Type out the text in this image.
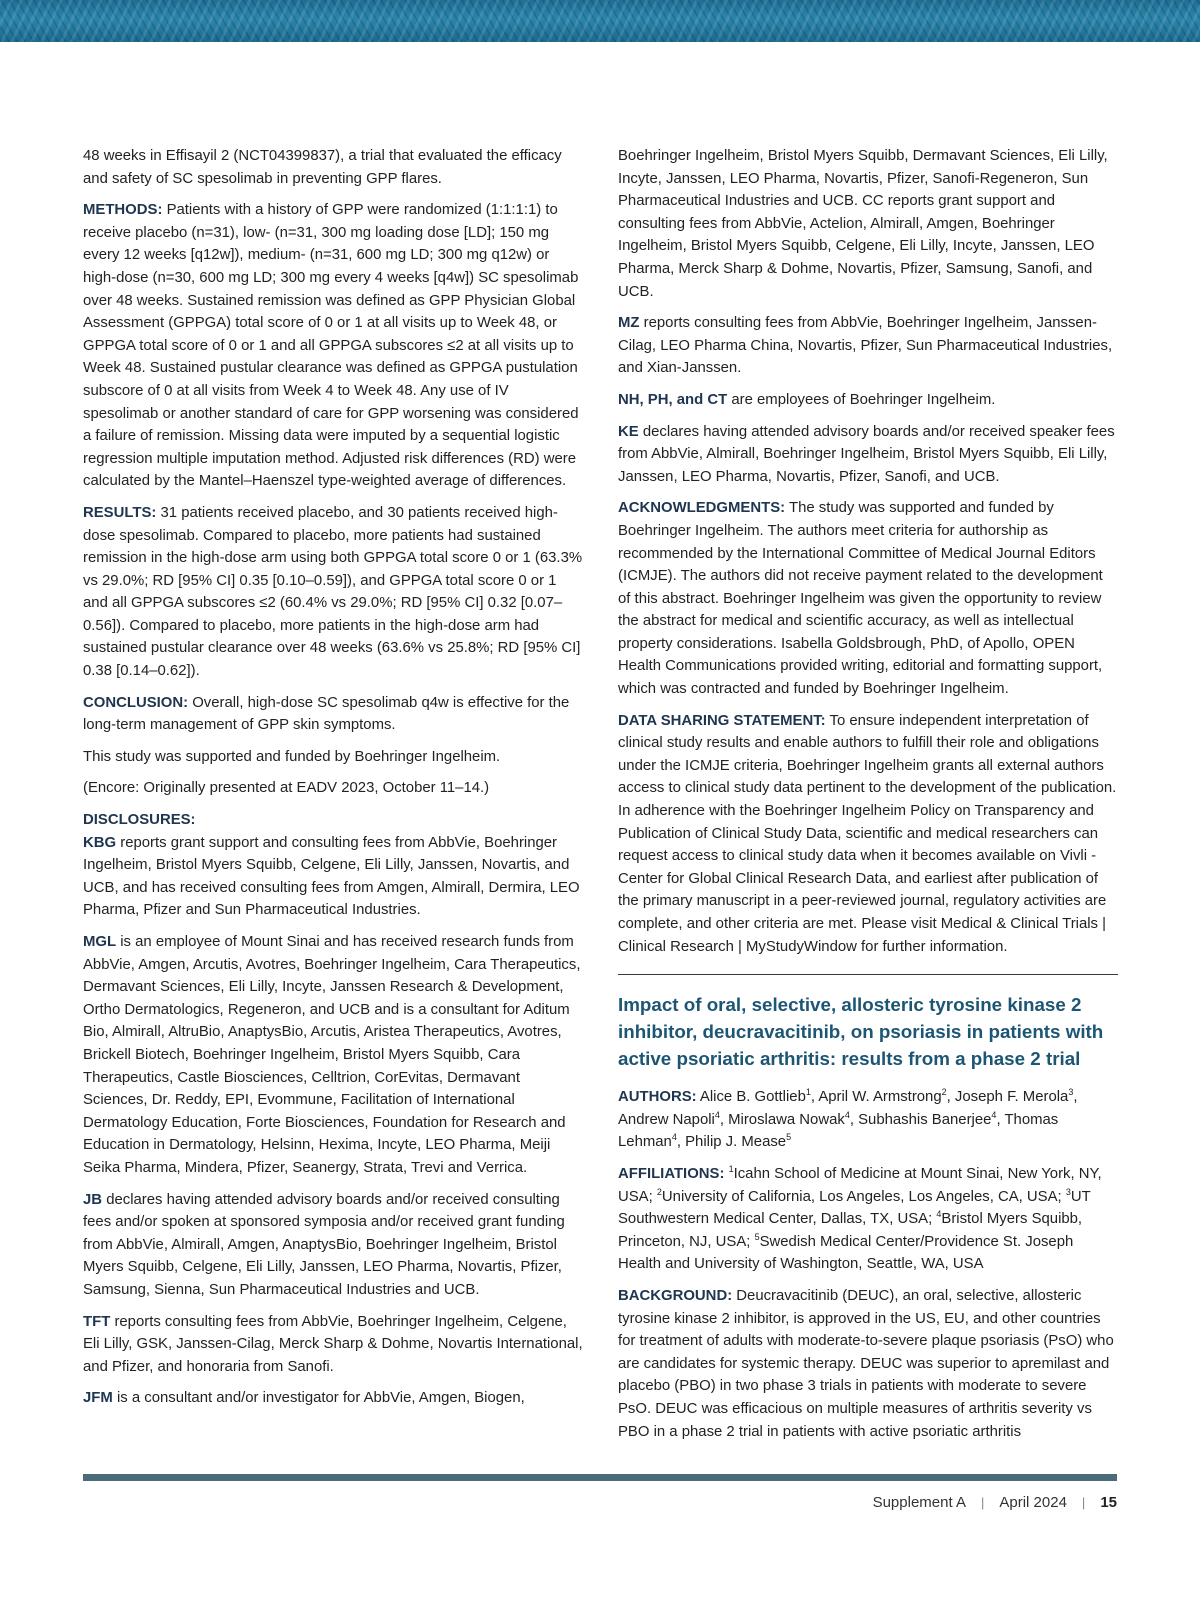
48 weeks in Effisayil 2 (NCT04399837), a trial that evaluated the efficacy and safety of SC spesolimab in preventing GPP flares.

METHODS: Patients with a history of GPP were randomized (1:1:1:1) to receive placebo (n=31), low- (n=31, 300 mg loading dose [LD]; 150 mg every 12 weeks [q12w]), medium- (n=31, 600 mg LD; 300 mg q12w) or high-dose (n=30, 600 mg LD; 300 mg every 4 weeks [q4w]) SC spesolimab over 48 weeks. Sustained remission was defined as GPP Physician Global Assessment (GPPGA) total score of 0 or 1 at all visits up to Week 48, or GPPGA total score of 0 or 1 and all GPPGA subscores ≤2 at all visits up to Week 48. Sustained pustular clearance was defined as GPPGA pustulation subscore of 0 at all visits from Week 4 to Week 48. Any use of IV spesolimab or another standard of care for GPP worsening was considered a failure of remission. Missing data were imputed by a sequential logistic regression multiple imputation method. Adjusted risk differences (RD) were calculated by the Mantel–Haenszel type-weighted average of differences.

RESULTS: 31 patients received placebo, and 30 patients received high-dose spesolimab. Compared to placebo, more patients had sustained remission in the high-dose arm using both GPPGA total score 0 or 1 (63.3% vs 29.0%; RD [95% CI] 0.35 [0.10–0.59]), and GPPGA total score 0 or 1 and all GPPGA subscores ≤2 (60.4% vs 29.0%; RD [95% CI] 0.32 [0.07–0.56]). Compared to placebo, more patients in the high-dose arm had sustained pustular clearance over 48 weeks (63.6% vs 25.8%; RD [95% CI] 0.38 [0.14–0.62]).

CONCLUSION: Overall, high-dose SC spesolimab q4w is effective for the long-term management of GPP skin symptoms.

This study was supported and funded by Boehringer Ingelheim.

(Encore: Originally presented at EADV 2023, October 11–14.)

DISCLOSURES:

KBG reports grant support and consulting fees from AbbVie, Boehringer Ingelheim, Bristol Myers Squibb, Celgene, Eli Lilly, Janssen, Novartis, and UCB, and has received consulting fees from Amgen, Almirall, Dermira, LEO Pharma, Pfizer and Sun Pharmaceutical Industries.

MGL is an employee of Mount Sinai and has received research funds from AbbVie, Amgen, Arcutis, Avotres, Boehringer Ingelheim, Cara Therapeutics, Dermavant Sciences, Eli Lilly, Incyte, Janssen Research & Development, Ortho Dermatologics, Regeneron, and UCB and is a consultant for Aditum Bio, Almirall, AltruBio, AnaptysBio, Arcutis, Aristea Therapeutics, Avotres, Brickell Biotech, Boehringer Ingelheim, Bristol Myers Squibb, Cara Therapeutics, Castle Biosciences, Celltrion, CorEvitas, Dermavant Sciences, Dr. Reddy, EPI, Evommune, Facilitation of International Dermatology Education, Forte Biosciences, Foundation for Research and Education in Dermatology, Helsinn, Hexima, Incyte, LEO Pharma, Meiji Seika Pharma, Mindera, Pfizer, Seanergy, Strata, Trevi and Verrica.

JB declares having attended advisory boards and/or received consulting fees and/or spoken at sponsored symposia and/or received grant funding from AbbVie, Almirall, Amgen, AnaptysBio, Boehringer Ingelheim, Bristol Myers Squibb, Celgene, Eli Lilly, Janssen, LEO Pharma, Novartis, Pfizer, Samsung, Sienna, Sun Pharmaceutical Industries and UCB.

TFT reports consulting fees from AbbVie, Boehringer Ingelheim, Celgene, Eli Lilly, GSK, Janssen-Cilag, Merck Sharp & Dohme, Novartis International, and Pfizer, and honoraria from Sanofi.

JFM is a consultant and/or investigator for AbbVie, Amgen, Biogen,

Boehringer Ingelheim, Bristol Myers Squibb, Dermavant Sciences, Eli Lilly, Incyte, Janssen, LEO Pharma, Novartis, Pfizer, Sanofi-Regeneron, Sun Pharmaceutical Industries and UCB. CC reports grant support and consulting fees from AbbVie, Actelion, Almirall, Amgen, Boehringer Ingelheim, Bristol Myers Squibb, Celgene, Eli Lilly, Incyte, Janssen, LEO Pharma, Merck Sharp & Dohme, Novartis, Pfizer, Samsung, Sanofi, and UCB.

MZ reports consulting fees from AbbVie, Boehringer Ingelheim, Janssen-Cilag, LEO Pharma China, Novartis, Pfizer, Sun Pharmaceutical Industries, and Xian-Janssen.

NH, PH, and CT are employees of Boehringer Ingelheim.

KE declares having attended advisory boards and/or received speaker fees from AbbVie, Almirall, Boehringer Ingelheim, Bristol Myers Squibb, Eli Lilly, Janssen, LEO Pharma, Novartis, Pfizer, Sanofi, and UCB.

ACKNOWLEDGMENTS: The study was supported and funded by Boehringer Ingelheim. The authors meet criteria for authorship as recommended by the International Committee of Medical Journal Editors (ICMJE). The authors did not receive payment related to the development of this abstract. Boehringer Ingelheim was given the opportunity to review the abstract for medical and scientific accuracy, as well as intellectual property considerations. Isabella Goldsbrough, PhD, of Apollo, OPEN Health Communications provided writing, editorial and formatting support, which was contracted and funded by Boehringer Ingelheim.

DATA SHARING STATEMENT: To ensure independent interpretation of clinical study results and enable authors to fulfill their role and obligations under the ICMJE criteria, Boehringer Ingelheim grants all external authors access to clinical study data pertinent to the development of the publication. In adherence with the Boehringer Ingelheim Policy on Transparency and Publication of Clinical Study Data, scientific and medical researchers can request access to clinical study data when it becomes available on Vivli - Center for Global Clinical Research Data, and earliest after publication of the primary manuscript in a peer-reviewed journal, regulatory activities are complete, and other criteria are met. Please visit Medical & Clinical Trials | Clinical Research | MyStudyWindow for further information.

Impact of oral, selective, allosteric tyrosine kinase 2 inhibitor, deucravacitinib, on psoriasis in patients with active psoriatic arthritis: results from a phase 2 trial

AUTHORS: Alice B. Gottlieb$^1$, April W. Armstrong$^2$, Joseph F. Merola$^3$, Andrew Napoli$^4$, Miroslawa Nowak$^4$, Subhashis Banerjee$^4$, Thomas Lehman$^4$, Philip J. Mease$^5$

AFFILIATIONS: $^1$Icahn School of Medicine at Mount Sinai, New York, NY, USA; $^2$University of California, Los Angeles, Los Angeles, CA, USA; $^3$UT Southwestern Medical Center, Dallas, TX, USA; $^4$Bristol Myers Squibb, Princeton, NJ, USA; $^5$Swedish Medical Center/Providence St. Joseph Health and University of Washington, Seattle, WA, USA

BACKGROUND: Deucravacitinib (DEUC), an oral, selective, allosteric tyrosine kinase 2 inhibitor, is approved in the US, EU, and other countries for treatment of adults with moderate-to-severe plaque psoriasis (PsO) who are candidates for systemic therapy. DEUC was superior to apremilast and placebo (PBO) in two phase 3 trials in patients with moderate to severe PsO. DEUC was efficacious on multiple measures of arthritis severity vs PBO in a phase 2 trial in patients with active psoriatic arthritis

Supplement A | April 2024 | 15
